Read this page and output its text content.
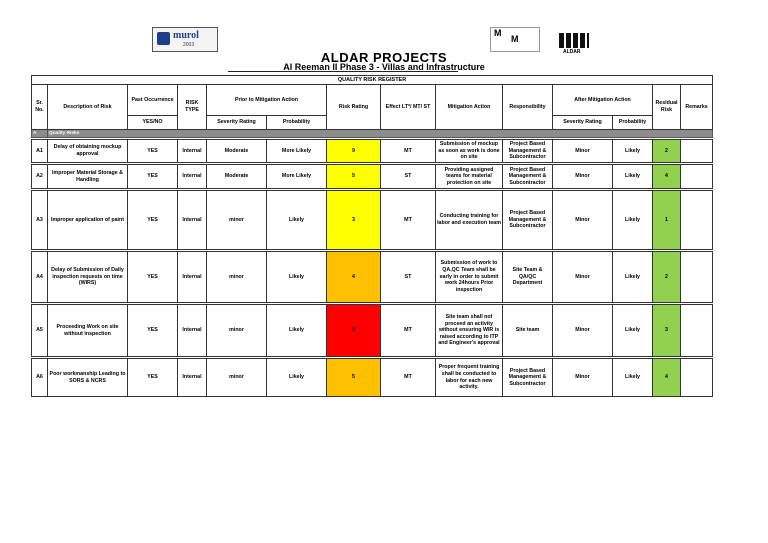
murol
2003
M
M
ALDAR
ALDAR PROJECTS
Al Reeman II Phase 3 - Villas and Infrastructure
QUALITY RISK REGISTER													
Sr. No.	Description of Risk	Past Occurrence	RISK TYPE	Prior to Mitigation Action		Risk Rating	Effect LT*/ MT/ ST	Mitigation Action	Responsibility	After Mitigation Action		Residual Risk	Remarks
		YES/NO		Severity Rating	Probability					Severity Rating	Probability		
A	Quality Risks												

A1	Delay of obtaining mockup approval	YES	Internal	Moderate	More Likely	9	MT	Submission of mockup as soon as work is done on site	Project Based Management & Subcontractor	Minor	Likely	2	

A2	Improper Material Storage & Handling	YES	Internal	Moderate	More Likely	5	ST	Providing assigned teams for material protection on site	Project Based Management & Subcontractor	Minor	Likely	4	

A3	Improper application of paint	YES	Internal	minor	Likely	3	MT	Conducting training for labor and execution team	Project Based Management & Subcontractor	Minor	Likely	1	

A4	Delay of Submission of Daily inspection requests on time (WIRS)	YES	Internal	minor	Likely	4	ST	Submission of work to QA,QC Team shall be early in order to submit work 24hours Prior inspection	Site Team & QA/QC Department	Minor	Likely	2	

A5	Proceeding Work on site without inspection	YES	Internal	minor	Likely	9	MT	Site team shall not proceed an activity without ensuring WIR is raised according to ITP and Engineer's approval	Site team	Minor	Likely	3	

A6	Poor workmanship Leading to SORS & NCRS	YES	Internal	minor	Likely	5	MT	Proper frequent training shall be conducted to labor for each new activity.	Project Based Management & Subcontractor	Minor	Likely	4	
